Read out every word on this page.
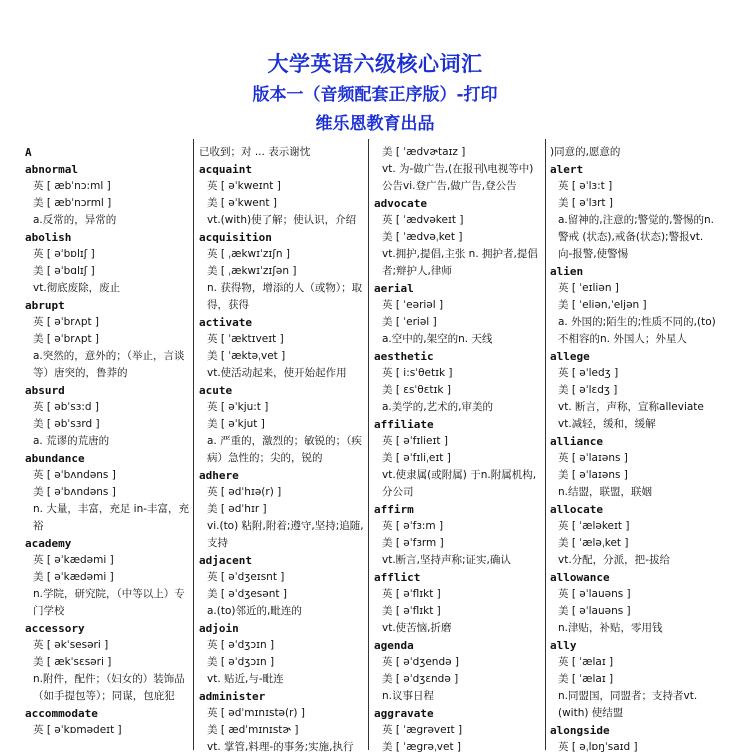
大学英语六级核心词汇
版本一（音频配套正序版）-打印
维乐恩教育出品
A
abnormal
英 [ æbˈnɔ:ml ]
美 [ æbˈnɔrml ]
a.反常的，异常的
abolish
英 [ əˈbɒlɪʃ ]
美 [ əˈbɑlɪʃ ]
vt.彻底废除，废止
abrupt
英 [ əˈbrʌpt ]
美 [ əˈbrʌpt ]
a.突然的，意外的；（举止，言谈等）唐突的，鲁莽的
absurd
英 [ əbˈsɜ:d ]
美 [ əbˈsɜrd ]
a. 荒谬的荒唐的
abundance
英 [ əˈbʌndəns ]
美 [ əˈbʌndəns ]
n. 大量，丰富，充足 in-丰富，充裕
academy
英 [ əˈkædəmi ]
美 [ əˈkædəmi ]
n.学院，研究院，（中等以上）专门学校
accessory
英 [ əkˈsesəri ]
美 [ ækˈsɛsəri ]
n.附件，配件；（妇女的）装饰品（如手提包等）；同谋，包庇犯
accommodate
英 [ əˈkɒmədeɪt ]
已收到；对 ... 表示谢忱
acquaint
英 [ əˈkweɪnt ]
美 [ əˈkwent ]
vt.(with)使了解；使认识，介绍
acquisition
英 [ ˌækwɪˈzɪʃn ]
美 [ ˌækwɪˈzɪʃən ]
n. 获得物，增添的人（或物）；取得，获得
activate
英 [ ˈæktɪveɪt ]
美 [ ˈæktəˌvet ]
vt.使活动起来，使开始起作用
acute
英 [ əˈkju:t ]
美 [ əˈkjut ]
a. 严重的，激烈的；敏锐的；（疾病）急性的；尖的，锐的
adhere
英 [ ədˈhɪə(r) ]
美 [ ədˈhɪr ]
vi.(to) 粘附,附着;遵守,坚持;追随,支持
adjacent
英 [ əˈdʒeɪsnt ]
美 [ əˈdʒesənt ]
a.(to)邻近的,毗连的
adjoin
英 [ əˈdʒɔɪn ]
美 [ əˈdʒɔɪn ]
vt. 贴近,与-毗连
administer
英 [ ədˈmɪnɪstə(r) ]
美 [ ædˈmɪnɪstɚ ]
vt. 掌管,料理-的事务;实施,执行
美 [ ˈædvɚtaɪz ]
vt. 为-做广告,(在报刊\电视等中)公告vi.登广告,做广告,登公告
advocate
英 [ ˈædvəkeɪt ]
美 [ ˈædvəˌket ]
vt.拥护,提倡,主张 n. 拥护者,提倡者;辩护人,律师
aerial
英 [ ˈeəriəl ]
美 [ ˈeriəl ]
a.空中的,架空的n. 天线
aesthetic
英 [ i:sˈθetɪk ]
美 [ ɛsˈθɛtɪk ]
a.美学的,艺术的,审美的
affiliate
英 [ əˈfɪlieɪt ]
美 [ əˈfɪliˌeɪt ]
vt.使隶属(或附属) 于n.附属机构,分公司
affirm
英 [ əˈfɜ:m ]
美 [ əˈfɜrm ]
vt.断言,坚持声称;证实,确认
afflict
英 [ əˈflɪkt ]
美 [ əˈflɪkt ]
vt.使苦恼,折磨
agenda
英 [ əˈdʒendə ]
美 [ əˈdʒɛndə ]
n.议事日程
aggravate
英 [ ˈægrəveɪt ]
美 [ ˈægrəˌvet ]
)同意的,愿意的
alert
英 [ əˈlɜ:t ]
美 [ əˈlɜrt ]
a.留神的,注意的;警觉的,警惕的n.警戒 (状态),戒备(状态);警报vt.向-报警,使警惕
alien
英 [ ˈeɪliən ]
美 [ ˈeliən,ˈeljən ]
a. 外国的;陌生的;性质不同的,(to)不相容的n. 外国人；外星人
allege
英 [ əˈledʒ ]
美 [ əˈlɛdʒ ]
vt. 断言，声称，宣称alleviate vt.减轻，缓和，缓解
alliance
英 [ əˈlaɪəns ]
美 [ əˈlaɪəns ]
n.结盟，联盟，联姻
allocate
英 [ ˈæləkeɪt ]
美 [ ˈæləˌket ]
vt.分配，分派，把-拔给
allowance
英 [ əˈlauəns ]
美 [ əˈlauəns ]
n.津贴，补贴，零用钱
ally
英 [ ˈælaɪ ]
美 [ ˈælaɪ ]
n.同盟国，同盟者；支持者vt.(with) 使结盟
alongside
英 [ əˌlɒŋˈsaɪd ]
